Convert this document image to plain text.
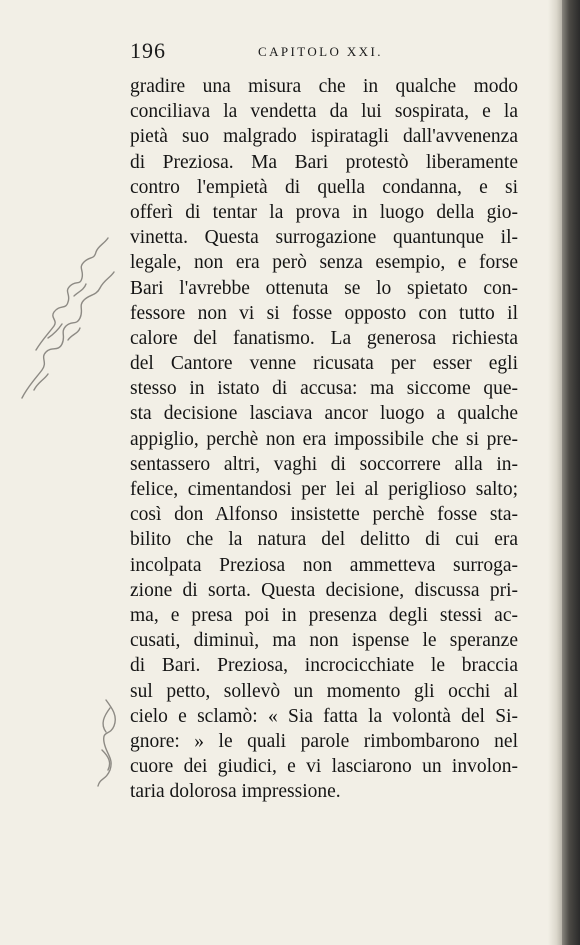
196	CAPITOLO XXI.
gradire una misura che in qualche modo
conciliava la vendetta da lui sospirata, e la
pietà suo malgrado ispiratagli dall'avvenenza
di Preziosa. Ma Bari protestò liberamente
contro l'empietà di quella condanna, e si
offerì di tentar la prova in luogo della gio-
vinetta. Questa surrogazione quantunque il-
legale, non era però senza esempio, e forse
Bari l'avrebbe ottenuta se lo spietato con-
fessore non vi si fosse opposto con tutto il
calore del fanatismo. La generosa richiesta
del Cantore venne ricusata per esser egli
stesso in istato di accusa: ma siccome que-
sta decisione lasciava ancor luogo a qualche
appiglio, perchè non era impossibile che si pre-
sentassero altri, vaghi di soccorrere alla in-
felice, cimentandosi per lei al periglioso salto;
così don Alfonso insistette perchè fosse sta-
bilito che la natura del delitto di cui era
incolpata Preziosa non ammetteva surroga-
zione di sorta. Questa decisione, discussa pri-
ma, e presa poi in presenza degli stessi ac-
cusati, diminuì, ma non ispense le speranze
di Bari. Preziosa, incrocicchiate le braccia
sul petto, sollevò un momento gli occhi al
cielo e sclamò: « Sia fatta la volontà del Si-
gnore: » le quali parole rimbombarono nel
cuore dei giudici, e vi lasciarono un involon-
taria dolorosa impressione.
